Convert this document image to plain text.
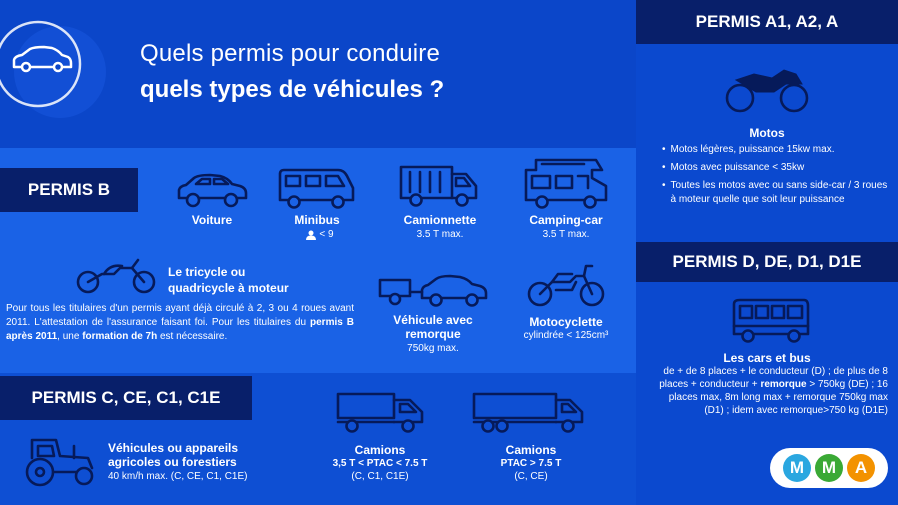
Quels permis pour conduire
quels types de véhicules ?
PERMIS B
Voiture	Minibus
< 9
Camionnette
3.5 T max.
Camping-car
3.5 T max.
Le tricycle ou quadricycle à moteur
Pour tous les titulaires d'un permis ayant déjà circulé à 2, 3 ou 4 roues avant 2011. L'attestation de l'assurance faisant foi. Pour les titulaires du permis B après 2011, une formation de 7h est nécessaire.
Véhicule avec remorque
750kg max.
Motocyclette
cylindrée < 125cm³
PERMIS C, CE, C1, C1E
Véhicules ou appareils agricoles ou forestiers
40 km/h max. (C, CE, C1, C1E)
Camions
3,5 T < PTAC < 7.5 T
(C, C1, C1E)
Camions
PTAC > 7.5 T
(C, CE)
PERMIS A1, A2, A
Motos
• Motos légères, puissance 15kw max.
• Motos avec puissance < 35kw
• Toutes les motos avec ou sans side-car / 3 roues à moteur quelle que soit leur puissance
PERMIS D, DE, D1, D1E
Les cars et bus
de + de 8 places + le conducteur (D) ; de plus de 8 places + conducteur + remorque > 750kg (DE) ; 16 places max, 8m long max + remorque 750kg max (D1) ; idem avec remorque>750 kg (D1E)
M	M	A
